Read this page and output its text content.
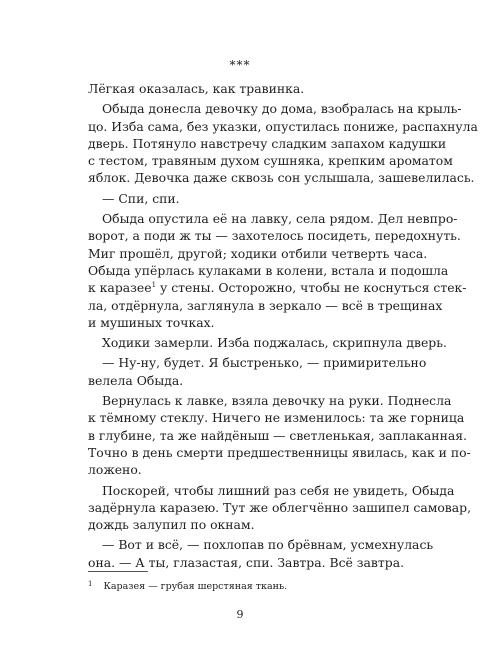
***
Лёгкая оказалась, как травинка.
Обыда донесла девочку до дома, взобралась на крыль-
цо. Изба сама, без указки, опустилась пониже, распахнула
дверь. Потянуло навстречу сладким запахом кадушки
с тестом, травяным духом сушняка, крепким ароматом
яблок. Девочка даже сквозь сон услышала, зашевелилась.
— Спи, спи.
Обыда опустила её на лавку, села рядом. Дел невпро-
ворот, а поди ж ты — захотелось посидеть, передохнуть.
Миг прошёл, другой; ходики отбили четверть часа.
Обыда упёрлась кулаками в колени, встала и подошла
к каразее$^1$ у стены. Осторожно, чтобы не коснуться стек-
ла, отдёрнула, заглянула в зеркало — всё в трещинах
и мушиных точках.
Ходики замерли. Изба поджалась, скрипнула дверь.
— Ну-ну, будет. Я быстренько, — примирительно
велела Обыда.
Вернулась к лавке, взяла девочку на руки. Поднесла
к тёмному стеклу. Ничего не изменилось: та же горница
в глубине, та же найдёныш — светленькая, заплаканная.
Точно в день смерти предшественницы явилась, как и по-
ложено.
Поскорей, чтобы лишний раз себя не увидеть, Обыда
задёрнула каразею. Тут же облегчённо зашипел самовар,
дождь залупил по окнам.
— Вот и всё, — похлопав по брёвнам, усмехнулась
она. — А ты, глазастая, спи. Завтра. Всё завтра.
$^1$ Каразея — грубая шерстяная ткань.
9
